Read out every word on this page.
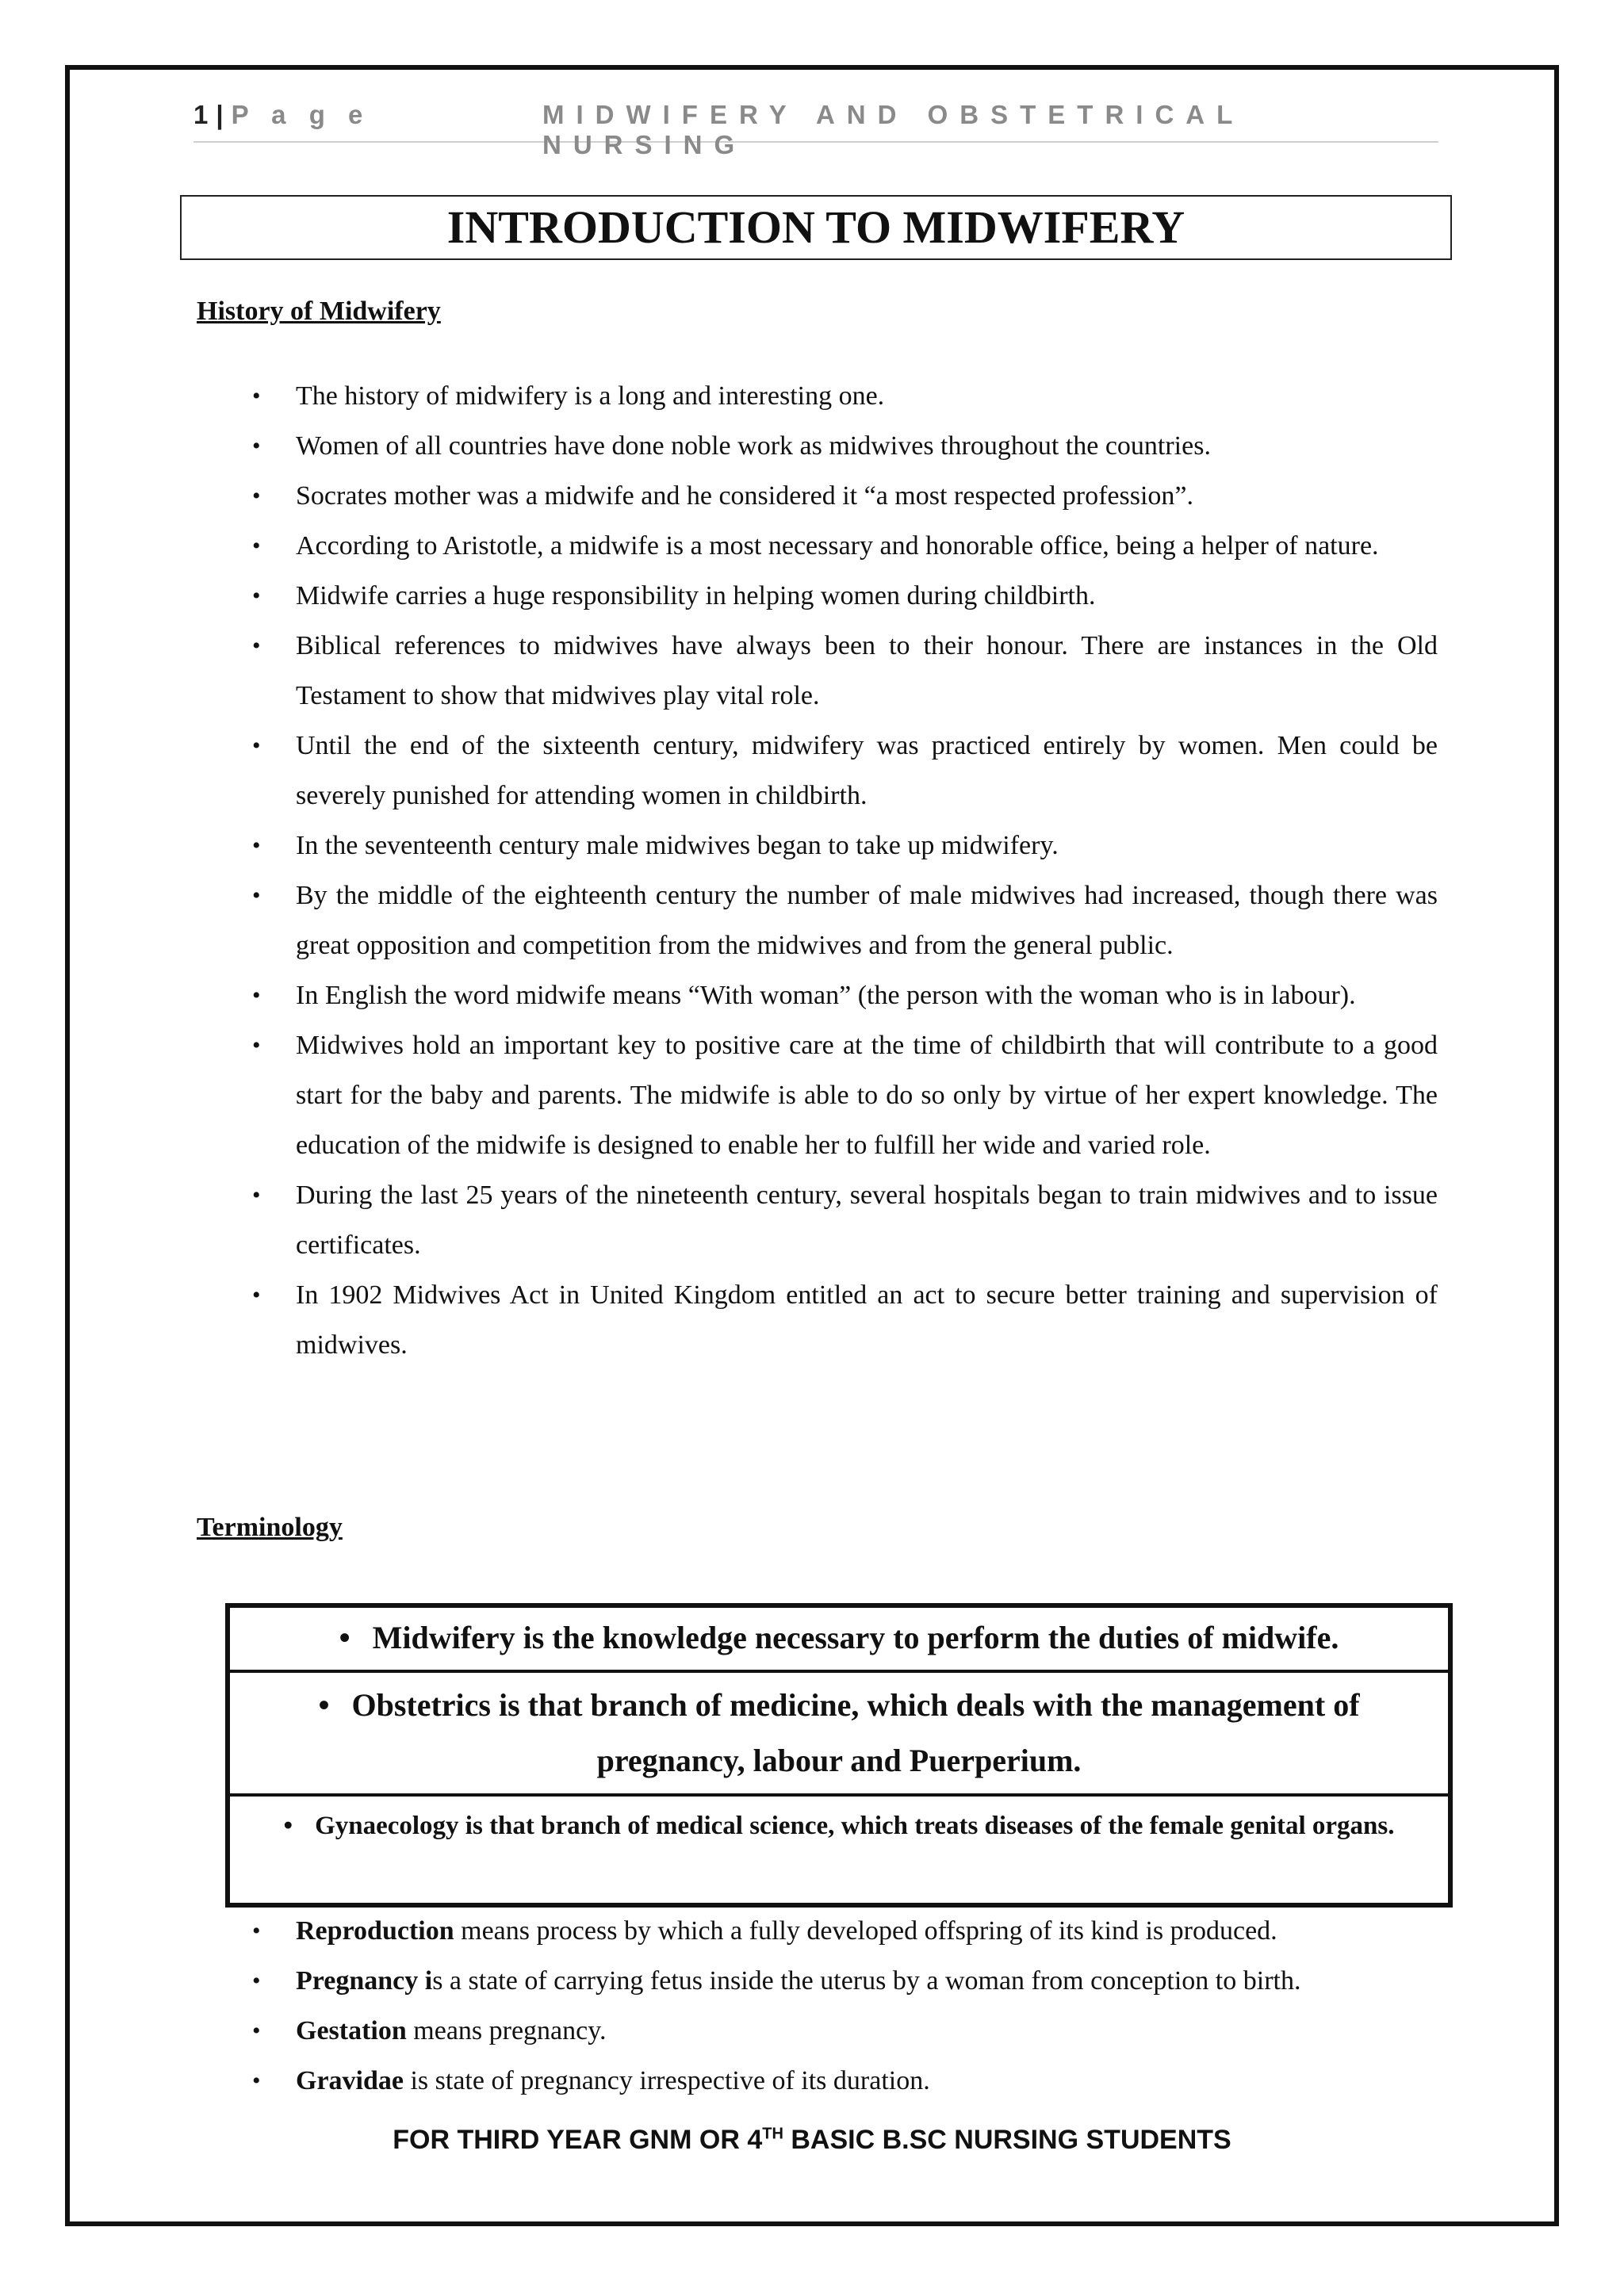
1 | P a g e	MIDWIFERY AND OBSTETRICAL NURSING
INTRODUCTION TO MIDWIFERY
History of Midwifery
• The history of midwifery is a long and interesting one.
• Women of all countries have done noble work as midwives throughout the countries.
• Socrates mother was a midwife and he considered it “a most respected profession”.
• According to Aristotle, a midwife is a most necessary and honorable office, being a helper of nature.
• Midwife carries a huge responsibility in helping women during childbirth.
• Biblical references to midwives have always been to their honour. There are instances in the Old Testament to show that midwives play vital role.
• Until the end of the sixteenth century, midwifery was practiced entirely by women. Men could be severely punished for attending women in childbirth.
• In the seventeenth century male midwives began to take up midwifery.
• By the middle of the eighteenth century the number of male midwives had increased, though there was great opposition and competition from the midwives and from the general public.
• In English the word midwife means “With woman” (the person with the woman who is in labour).
• Midwives hold an important key to positive care at the time of childbirth that will contribute to a good start for the baby and parents. The midwife is able to do so only by virtue of her expert knowledge. The education of the midwife is designed to enable her to fulfill her wide and varied role.
• During the last 25 years of the nineteenth century, several hospitals began to train midwives and to issue certificates.
• In 1902 Midwives Act in United Kingdom entitled an act to secure better training and supervision of midwives.
Terminology
• Midwifery is the knowledge necessary to perform the duties of midwife.
• Obstetrics is that branch of medicine, which deals with the management of pregnancy, labour and Puerperium.
• Gynaecology is that branch of medical science, which treats diseases of the female genital organs.
• Reproduction means process by which a fully developed offspring of its kind is produced.
• Pregnancy is a state of carrying fetus inside the uterus by a woman from conception to birth.
• Gestation means pregnancy.
• Gravidae is state of pregnancy irrespective of its duration.
FOR THIRD YEAR GNM OR 4TH BASIC B.SC NURSING STUDENTS
